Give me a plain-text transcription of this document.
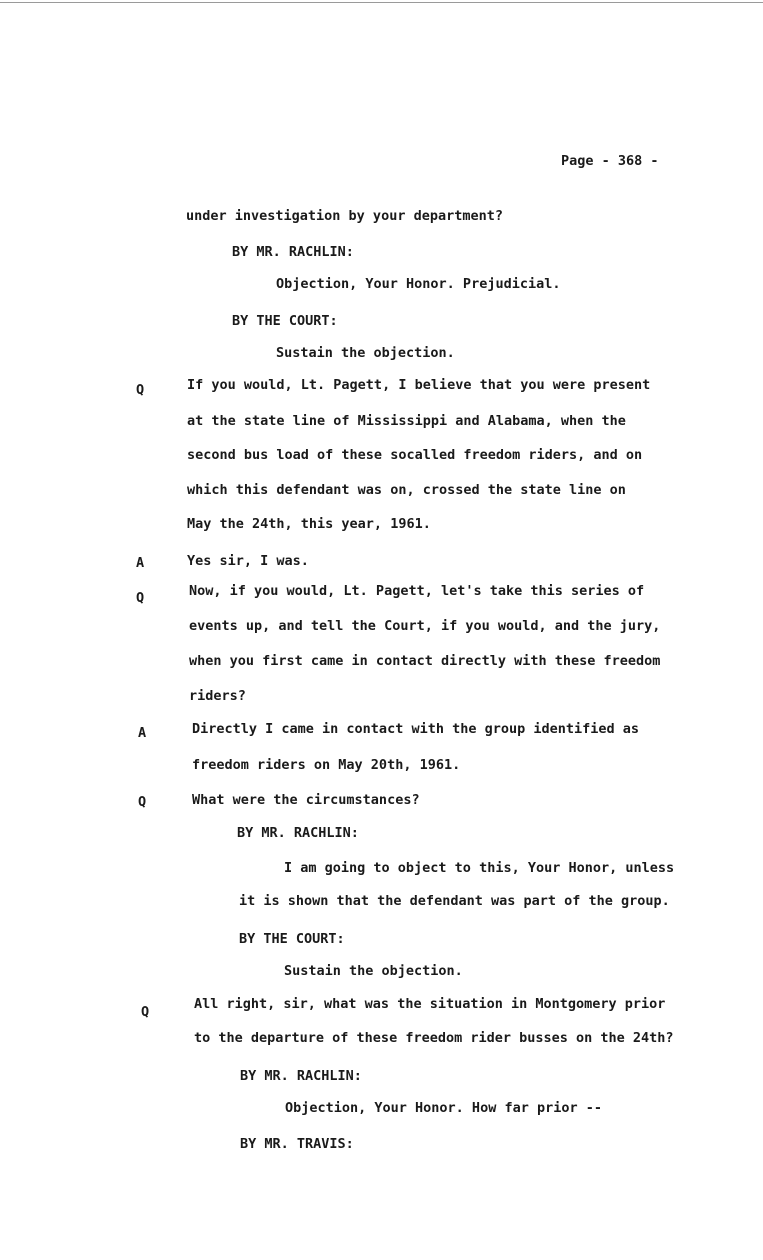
Page - 368 -
under investigation by your department?
BY MR. RACHLIN:
Objection, Your Honor. Prejudicial.
BY THE COURT:
Sustain the objection.
If you would, Lt. Pagett, I believe that you were present
at the state line of Mississippi and Alabama, when the
second bus load of these socalled freedom riders, and on
which this defendant was on, crossed the state line on
May the 24th, this year, 1961.
Yes sir, I was.
Now, if you would, Lt. Pagett, let's take this series of
events up, and tell the Court, if you would, and the jury,
when you first came in contact directly with these freedom
riders?
Directly I came in contact with the group identified as
freedom riders on May 20th, 1961.
What were the circumstances?
BY MR. RACHLIN:
I am going to object to this, Your Honor, unless
it is shown that the defendant was part of the group.
BY THE COURT:
Sustain the objection.
All right, sir, what was the situation in Montgomery prior
to the departure of these freedom rider busses on the 24th?
BY MR. RACHLIN:
Objection, Your Honor. How far prior --
BY MR. TRAVIS:
Q
A
Q
A
Q
Q
